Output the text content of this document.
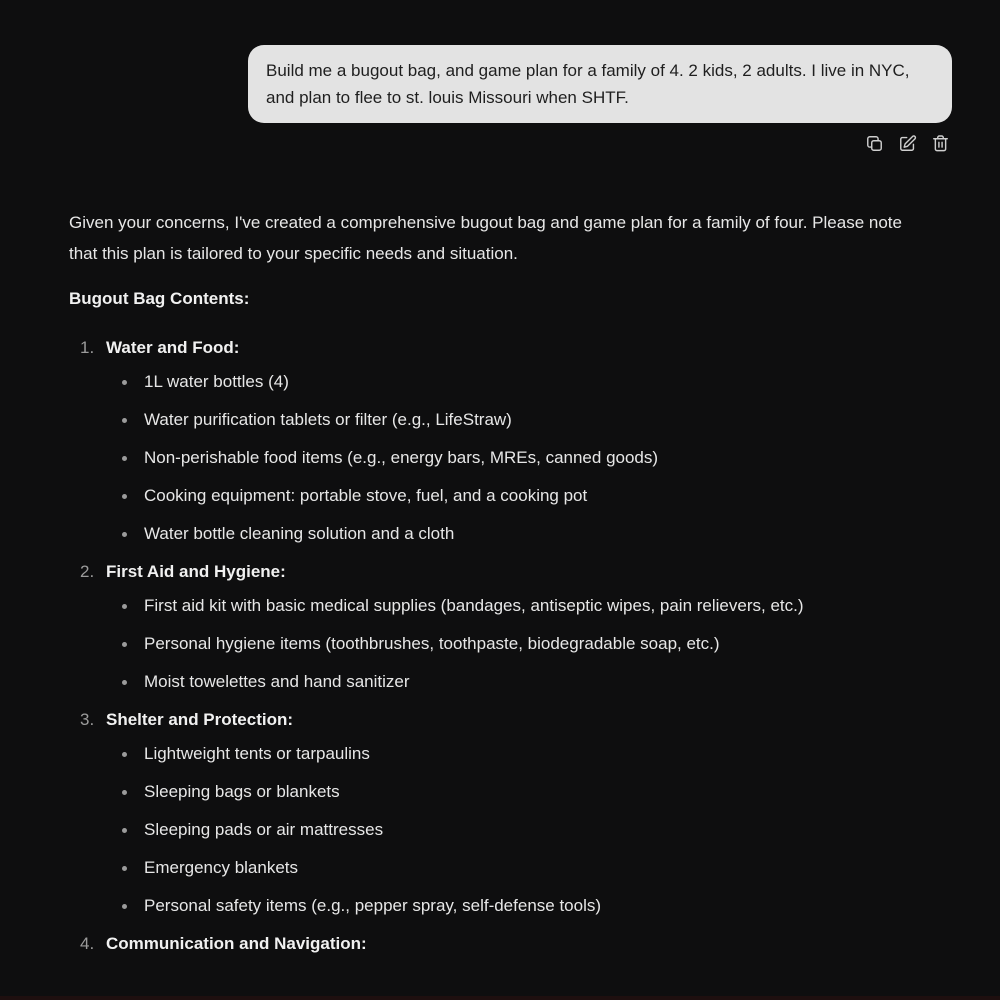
Build me a bugout bag, and game plan for a family of 4. 2 kids, 2 adults. I live in NYC, and plan to flee to st. louis Missouri when SHTF.

Given your concerns, I've created a comprehensive bugout bag and game plan for a family of four. Please note that this plan is tailored to your specific needs and situation.

Bugout Bag Contents:

1. Water and Food:
1L water bottles (4)
Water purification tablets or filter (e.g., LifeStraw)
Non-perishable food items (e.g., energy bars, MREs, canned goods)
Cooking equipment: portable stove, fuel, and a cooking pot
Water bottle cleaning solution and a cloth
2. First Aid and Hygiene:
First aid kit with basic medical supplies (bandages, antiseptic wipes, pain relievers, etc.)
Personal hygiene items (toothbrushes, toothpaste, biodegradable soap, etc.)
Moist towelettes and hand sanitizer
3. Shelter and Protection:
Lightweight tents or tarpaulins
Sleeping bags or blankets
Sleeping pads or air mattresses
Emergency blankets
Personal safety items (e.g., pepper spray, self-defense tools)
4. Communication and Navigation:
